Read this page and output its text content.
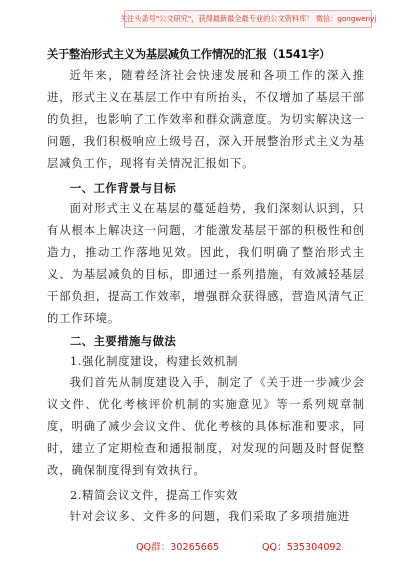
关注头条号"公文研究"，获得最新最全最专业的公文资料库！ 微信：gongwenyj
关于整治形式主义为基层减负工作情况的汇报（1541字）

近年来，随着经济社会快速发展和各项工作的深入推进，形式主义在基层工作中有所抬头，不仅增加了基层干部的负担，也影响了工作效率和群众满意度。为切实解决这一问题，我们积极响应上级号召，深入开展整治形式主义为基层减负工作，现将有关情况汇报如下。

一、工作背景与目标

面对形式主义在基层的蔓延趋势，我们深刻认识到，只有从根本上解决这一问题，才能激发基层干部的积极性和创造力，推动工作落地见效。因此，我们明确了整治形式主义、为基层减负的目标，即通过一系列措施，有效减轻基层干部负担，提高工作效率，增强群众获得感，营造风清气正的工作环境。

二、主要措施与做法
1.强化制度建设，构建长效机制

我们首先从制度建设入手，制定了《关于进一步减少会议文件、优化考核评价机制的实施意见》等一系列规章制度，明确了减少会议文件、优化考核的具体标准和要求，同时，建立了定期检查和通报制度，对发现的问题及时督促整改，确保制度得到有效执行。

2.精简会议文件，提高工作实效

针对会议多、文件多的问题，我们采取了多项措施进

QQ群：30265665	QQ：535304092
